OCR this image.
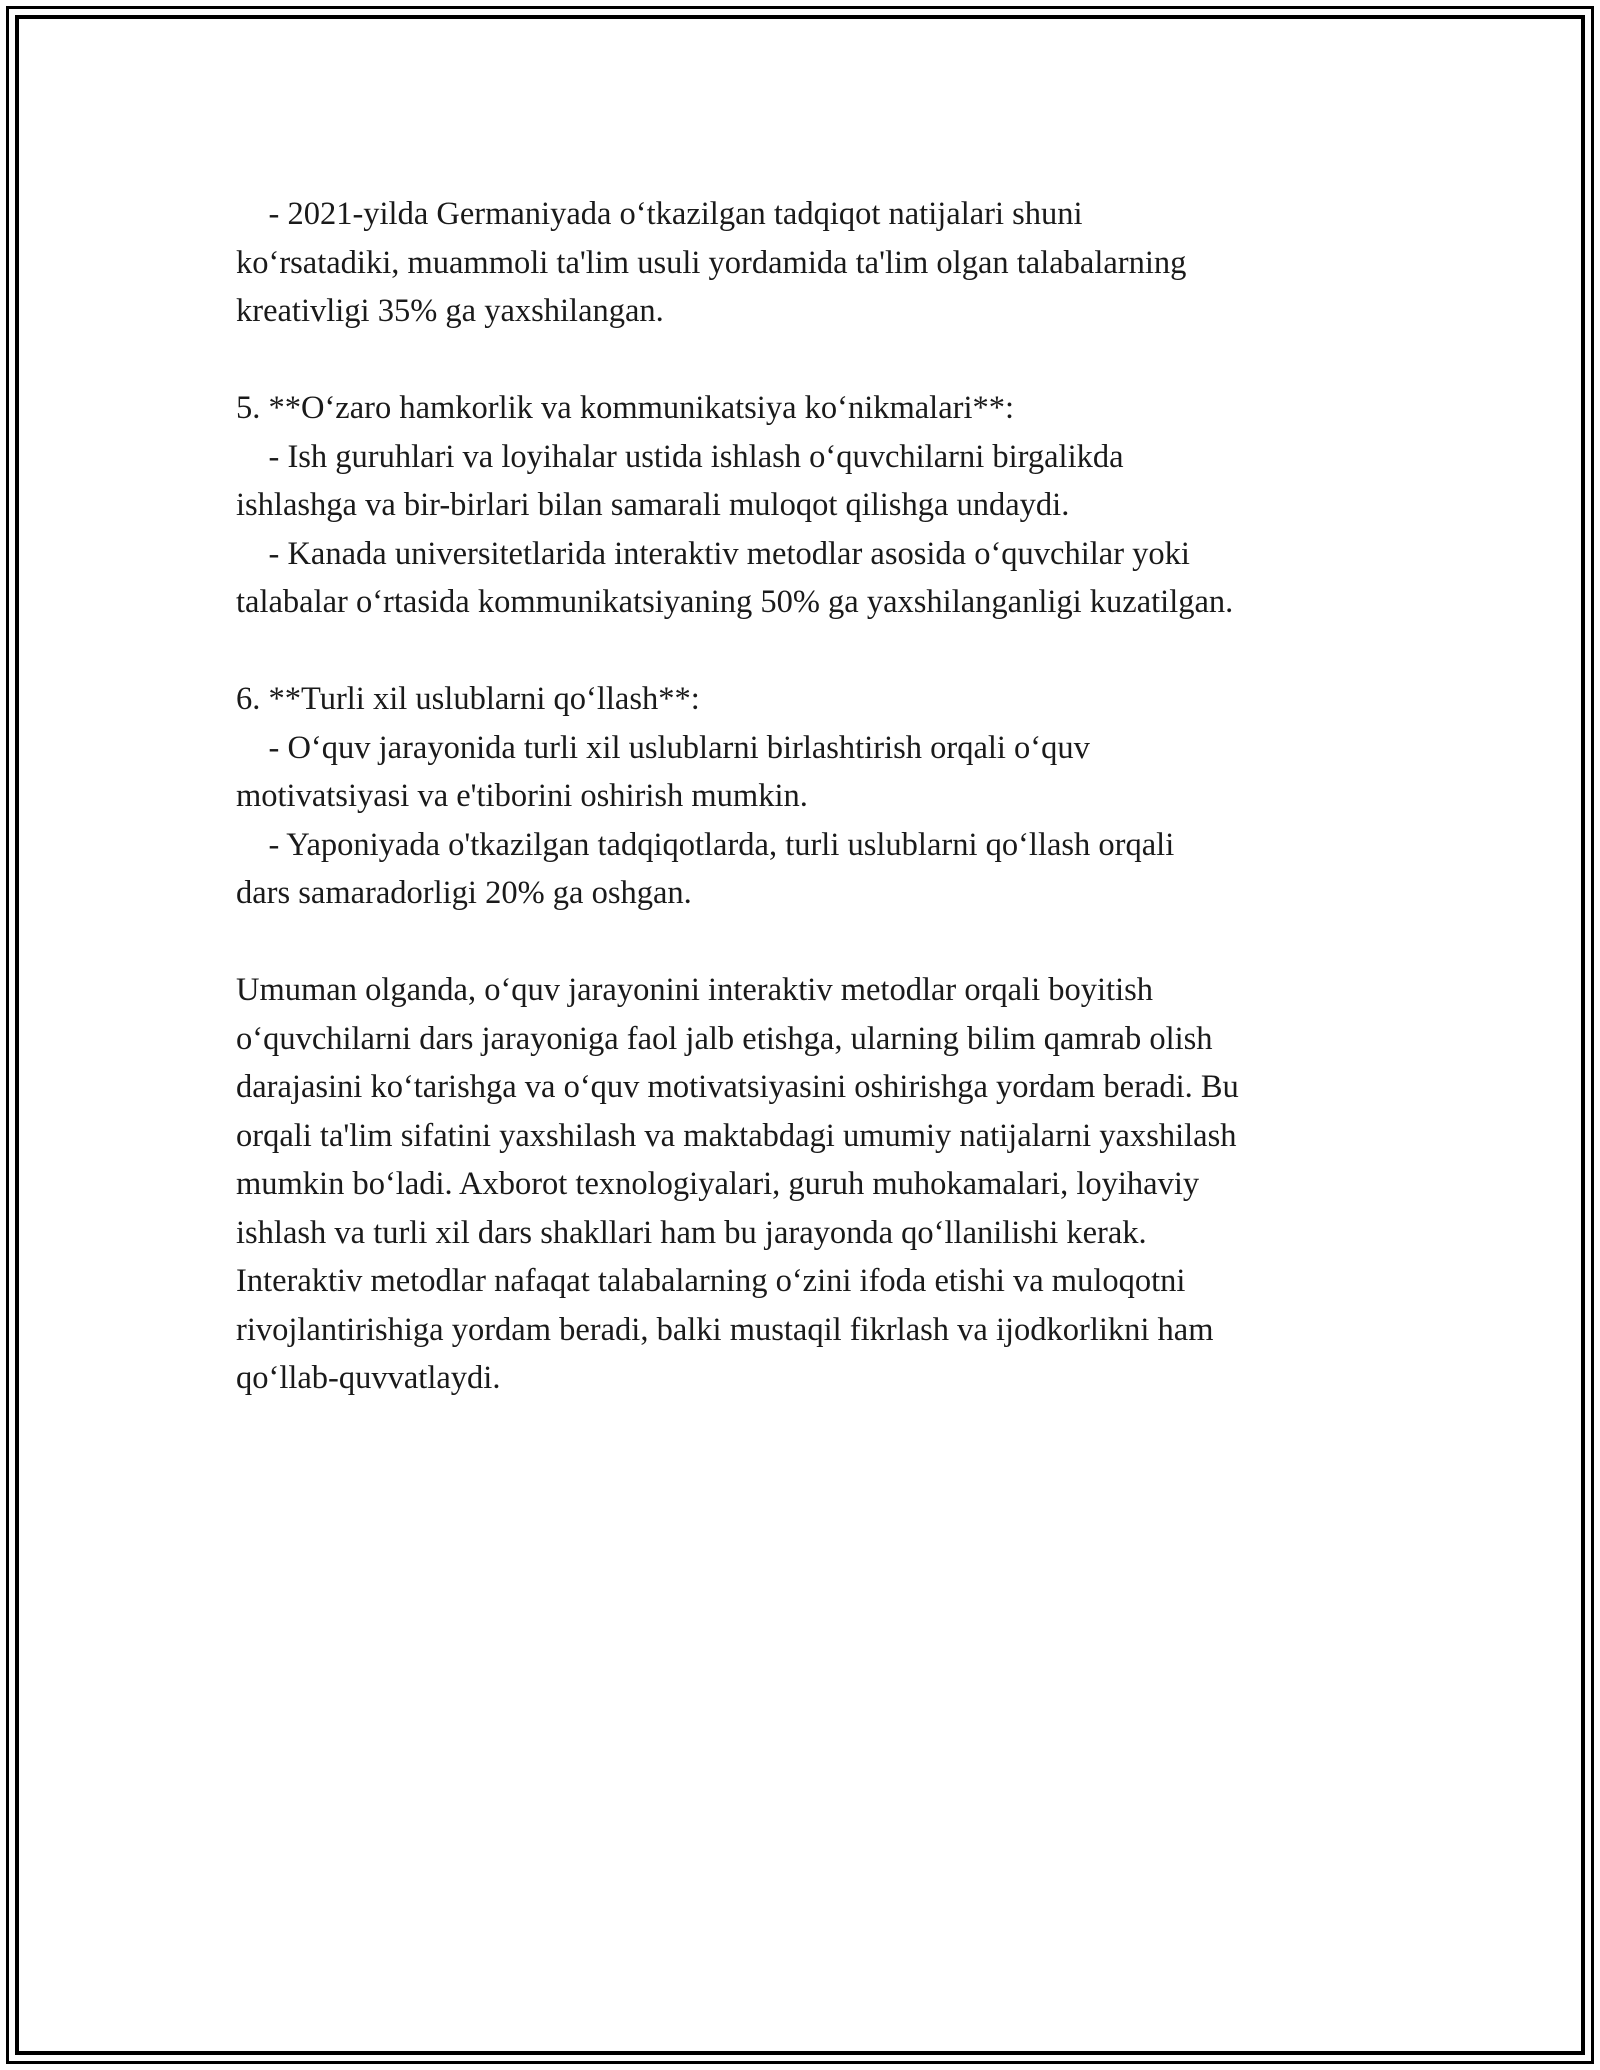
- 2021-yilda Germaniyada o‘tkazilgan tadqiqot natijalari shuni
ko‘rsatadiki, muammoli ta'lim usuli yordamida ta'lim olgan talabalarning
kreativligi 35% ga yaxshilangan.
5. **O‘zaro hamkorlik va kommunikatsiya ko‘nikmalari**:
- Ish guruhlari va loyihalar ustida ishlash o‘quvchilarni birgalikda
ishlashga va bir-birlari bilan samarali muloqot qilishga undaydi.
- Kanada universitetlarida interaktiv metodlar asosida o‘quvchilar yoki
talabalar o‘rtasida kommunikatsiyaning 50% ga yaxshilanganligi kuzatilgan.
6. **Turli xil uslublarni qo‘llash**:
- O‘quv jarayonida turli xil uslublarni birlashtirish orqali o‘quv
motivatsiyasi va e'tiborini oshirish mumkin.
- Yaponiyada o'tkazilgan tadqiqotlarda, turli uslublarni qo‘llash orqali
dars samaradorligi 20% ga oshgan.
Umuman olganda, o‘quv jarayonini interaktiv metodlar orqali boyitish
o‘quvchilarni dars jarayoniga faol jalb etishga, ularning bilim qamrab olish
darajasini ko‘tarishga va o‘quv motivatsiyasini oshirishga yordam beradi. Bu
orqali ta'lim sifatini yaxshilash va maktabdagi umumiy natijalarni yaxshilash
mumkin bo‘ladi. Axborot texnologiyalari, guruh muhokamalari, loyihaviy
ishlash va turli xil dars shakllari ham bu jarayonda qo‘llanilishi kerak.
Interaktiv metodlar nafaqat talabalarning o‘zini ifoda etishi va muloqotni
rivojlantirishiga yordam beradi, balki mustaqil fikrlash va ijodkorlikni ham
qo‘llab-quvvatlaydi.
